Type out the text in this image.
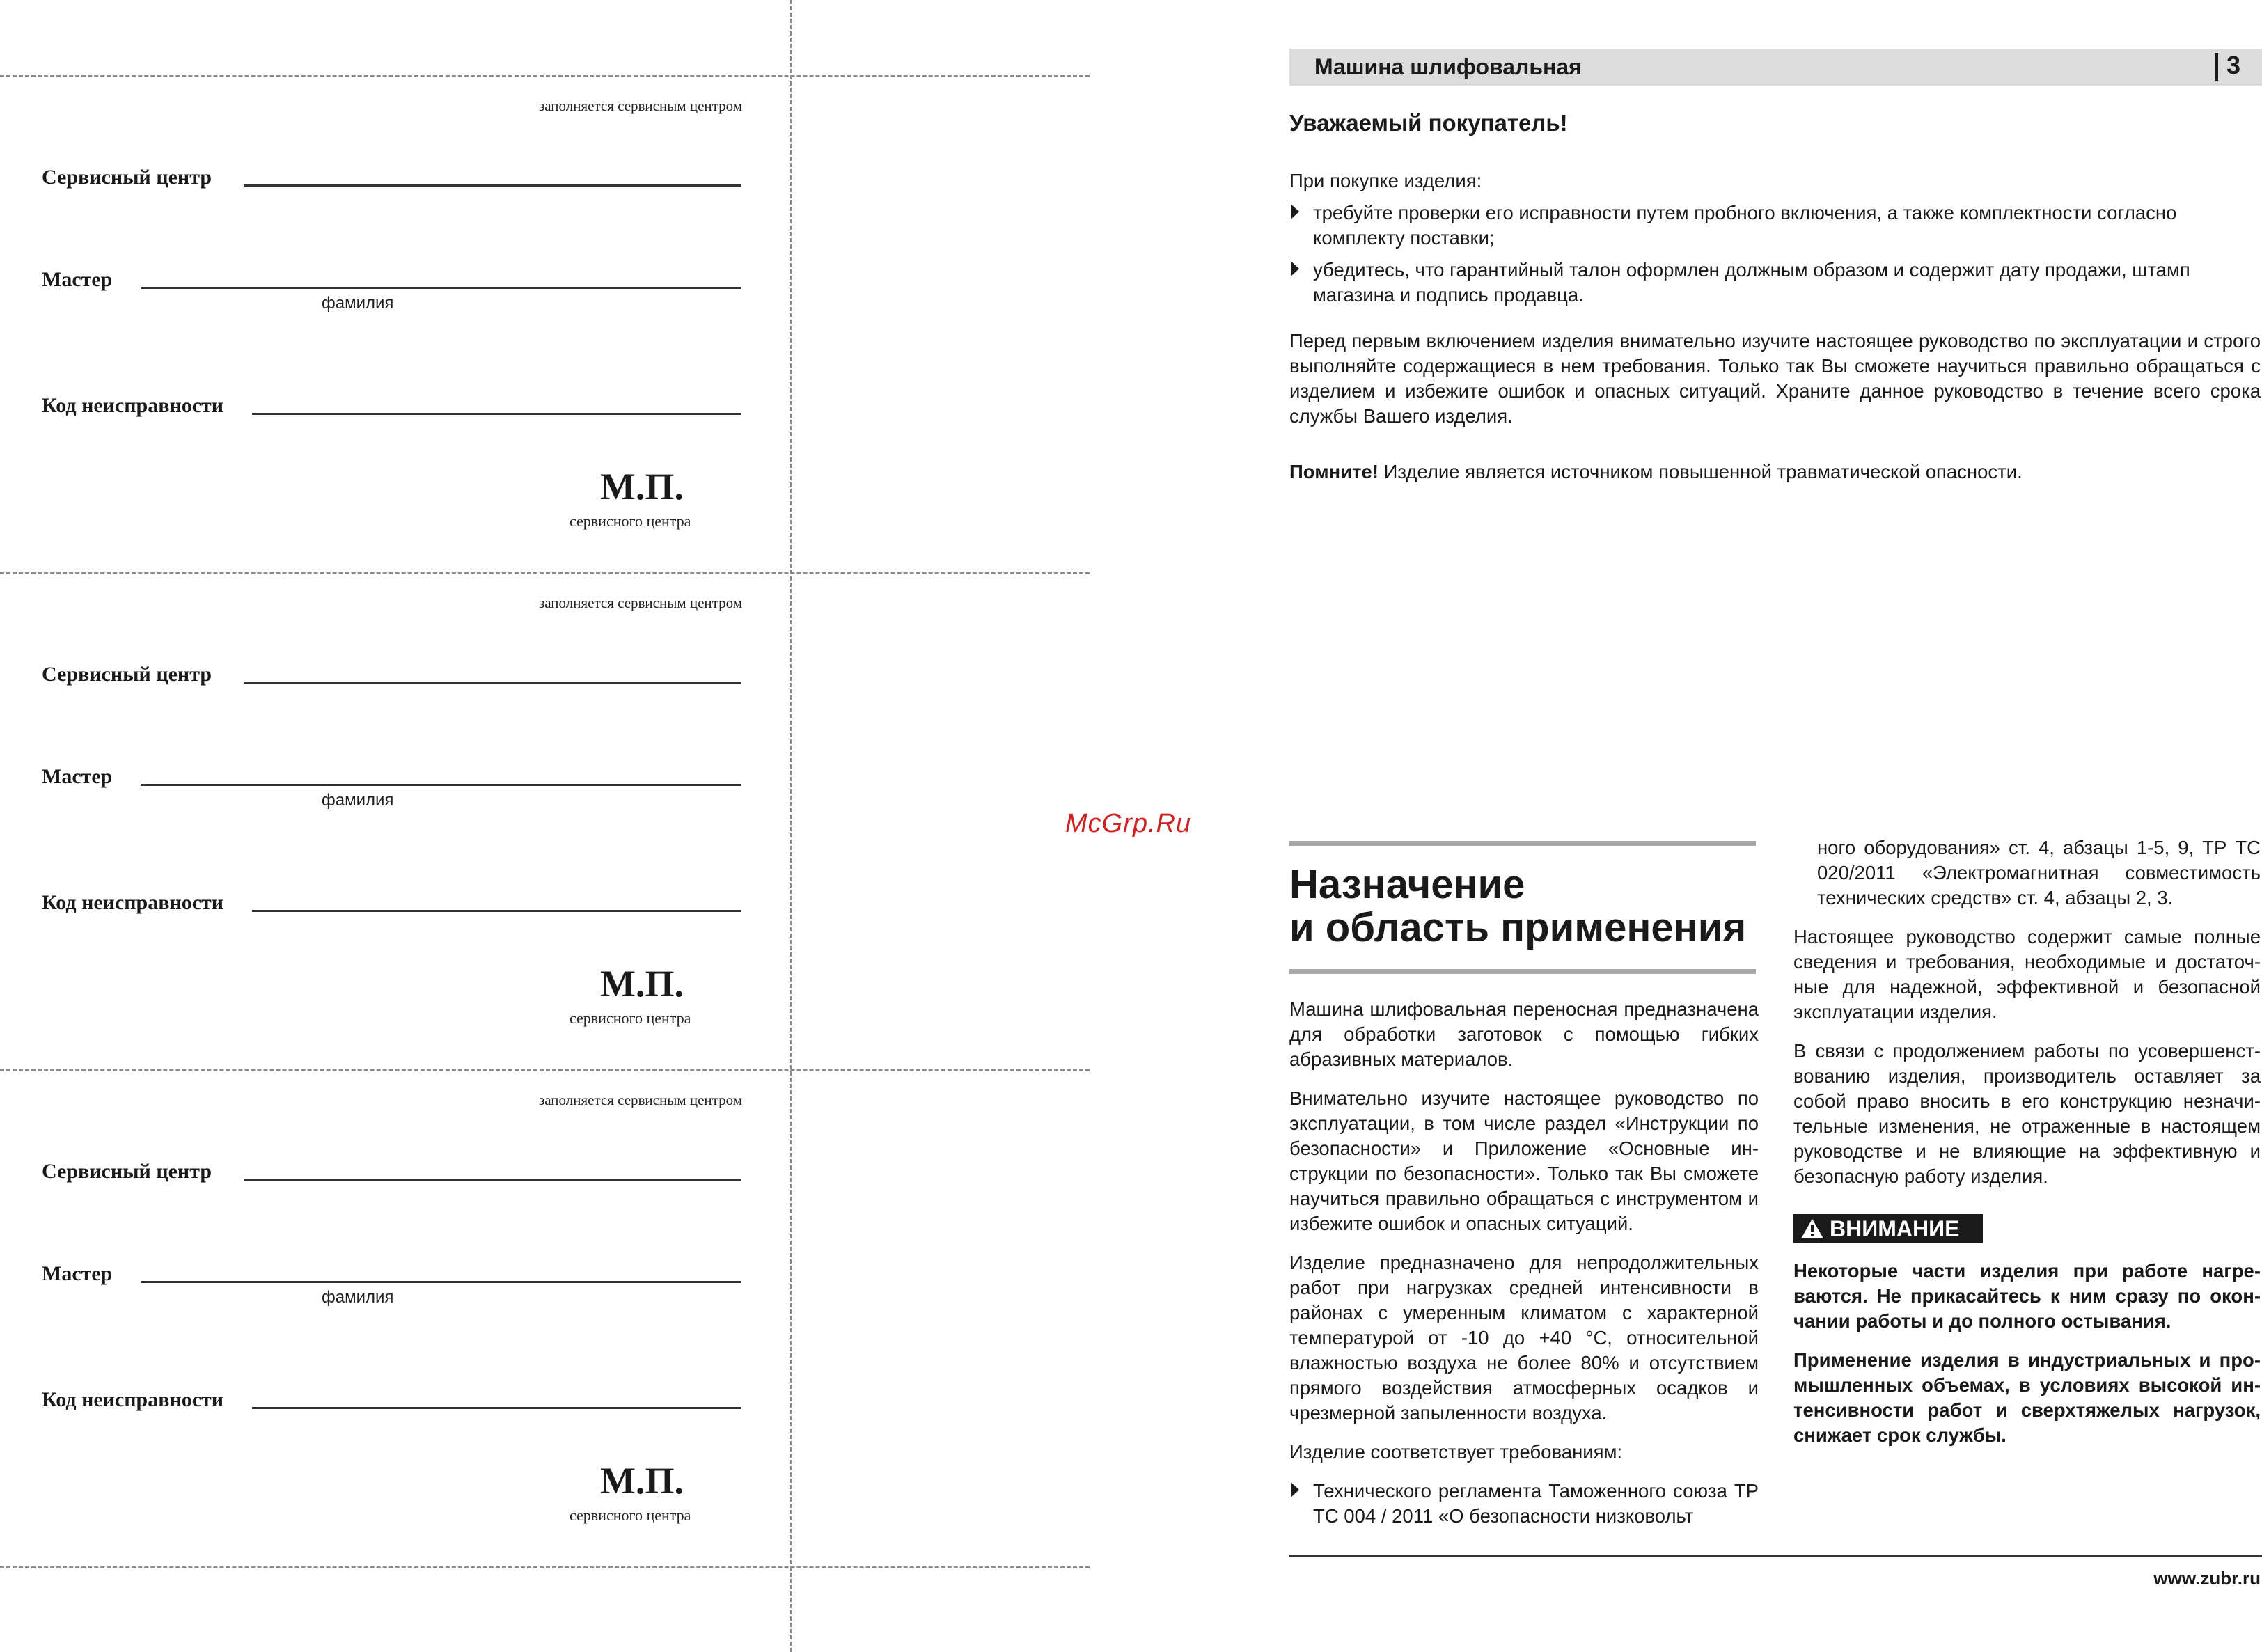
заполняется сервисным центром
Сервисный центр
Мастер
фамилия
Код неисправности
М.П.
сервисного центра
заполняется сервисным центром
Сервисный центр
Мастер
фамилия
Код неисправности
М.П.
сервисного центра
заполняется сервисным центром
Сервисный центр
Мастер
фамилия
Код неисправности
М.П.
сервисного центра
McGrp.Ru
Машина шлифовальная	3
Уважаемый покупатель!
При покупке изделия:
требуйте проверки его исправности путем пробного включения, а также комплектности согласно комплекту поставки;
убедитесь, что гарантийный талон оформлен должным образом и содержит дату продажи, штамп магазина и подпись продавца.
Перед первым включением изделия внимательно изучите настоящее руководство по эксплуатации и строго выполняйте содержащиеся в нем требования. Только так Вы сможете научиться правильно обращаться с изделием и избежите ошибок и опасных ситуаций. Храните данное руководство в течение всего срока службы Вашего изделия.
Помните! Изделие является источником повышенной травматической опасности.
Назначение
и область применения
Машина шлифовальная переносная предназначена для обработки заготовок с помощью гибких абразивных материалов.
Внимательно изучите настоящее руководство по эксплуатации, в том числе раздел «Инструкции по безопасности» и Приложение «Основные инструкции по безопасности». Только так Вы сможете научиться правильно обращаться с инструментом и избежите ошибок и опасных ситуаций.
Изделие предназначено для непродолжительных работ при нагрузках средней интенсивности в районах с умеренным климатом с характерной температурой от -10 до +40 °С, относительной влажностью воздуха не более 80% и отсутствием прямого воздействия атмосферных осадков и чрезмерной запыленности воздуха.
Изделие соответствует требованиям:
Технического регламента Таможенного союза ТР ТС 004 / 2011 «О безопасности низковольт
ного оборудования» ст. 4, абзацы 1-5, 9, ТР ТС 020/2011 «Электромагнитная совместимость технических средств» ст. 4, абзацы 2, 3.
Настоящее руководство содержит самые полные сведения и требования, необходимые и достаточные для надежной, эффективной и безопасной эксплуатации изделия.
В связи с продолжением работы по усовершенствованию изделия, производитель оставляет за собой право вносить в его конструкцию незначительные изменения, не отраженные в настоящем руководстве и не влияющие на эффективную и безопасную работу изделия.
ВНИМАНИЕ
Некоторые части изделия при работе нагреваются. Не прикасайтесь к ним сразу по окончании работы и до полного остывания.
Применение изделия в индустриальных и промышленных объемах, в условиях высокой интенсивности работ и сверхтяжелых нагрузок, снижает срок службы.
www.zubr.ru
